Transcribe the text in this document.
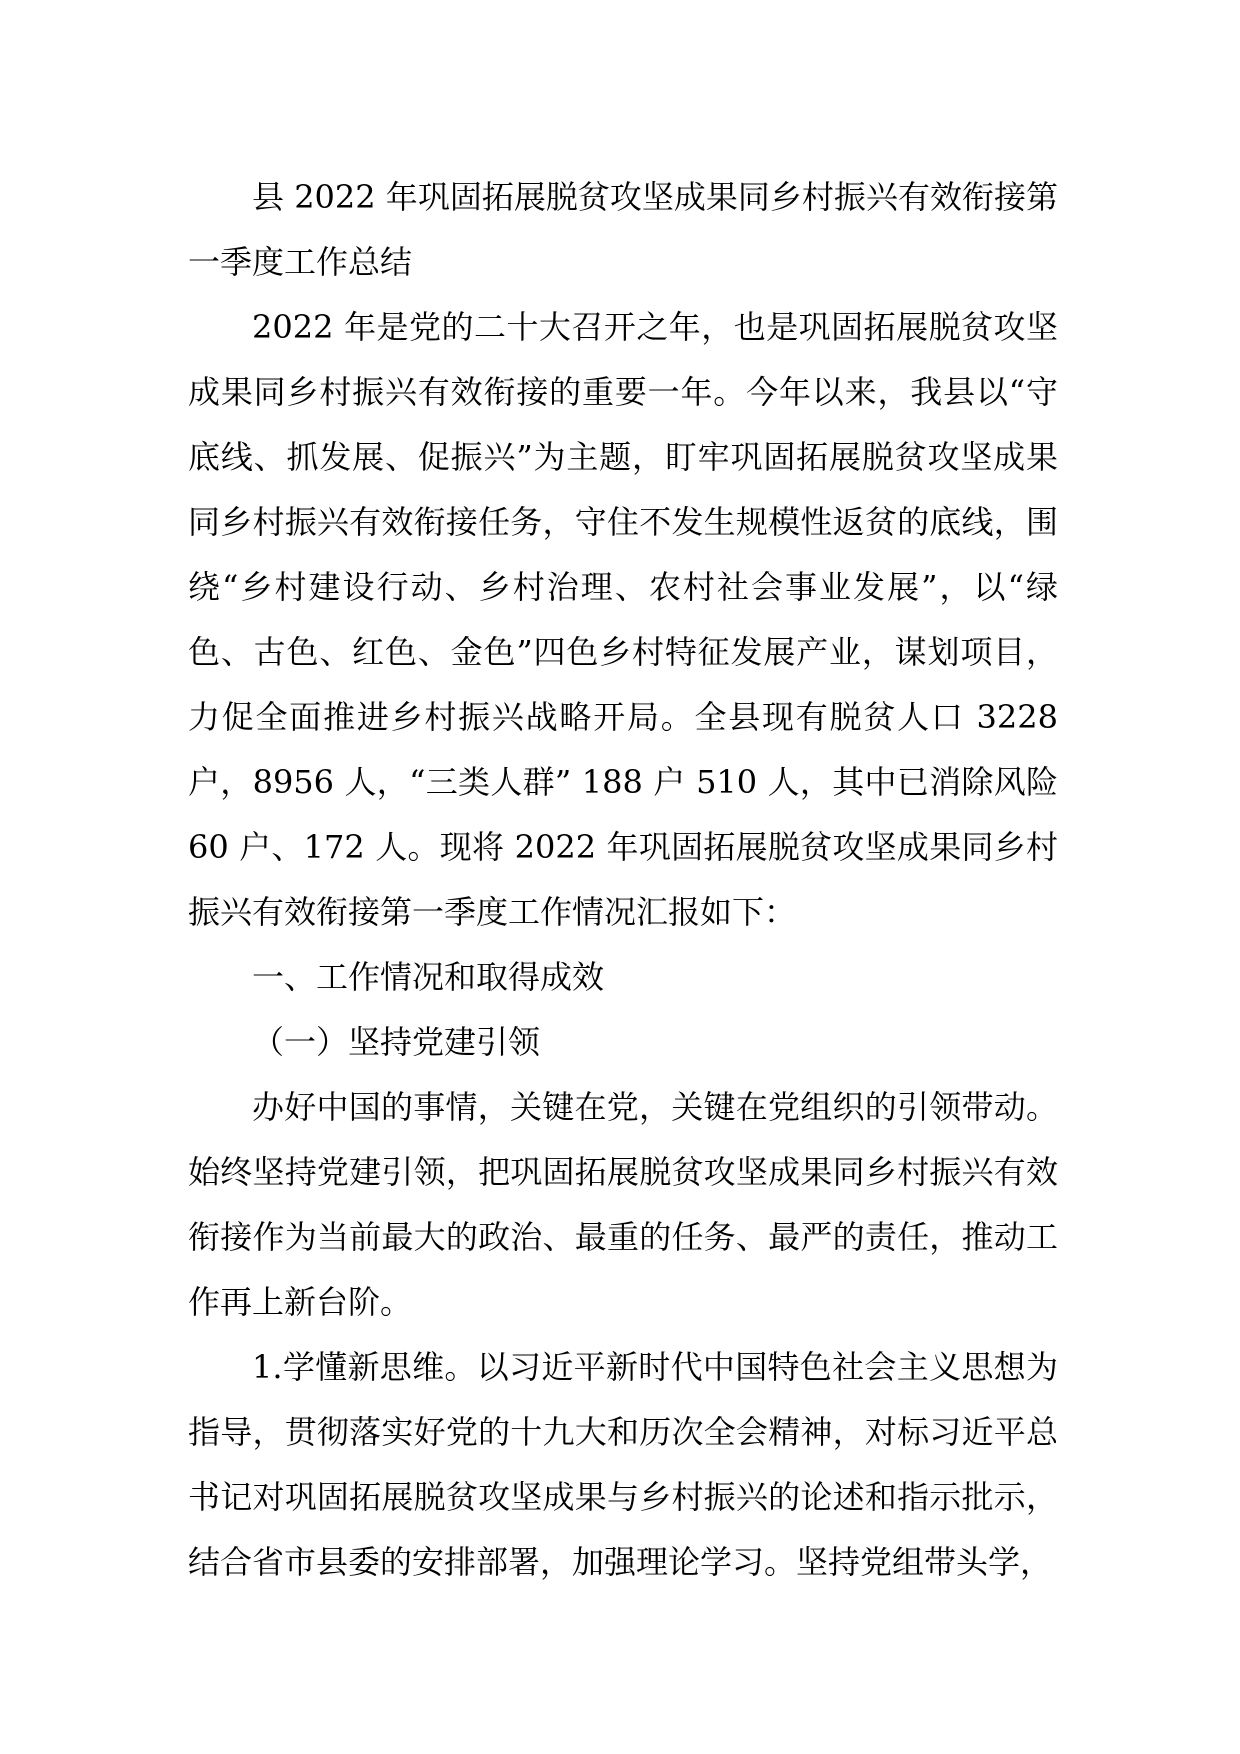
县 2022 年巩固拓展脱贫攻坚成果同乡村振兴有效衔接第一季度工作总结

2022 年是党的二十大召开之年，也是巩固拓展脱贫攻坚成果同乡村振兴有效衔接的重要一年。今年以来，我县以“守底线、抓发展、促振兴”为主题，盯牢巩固拓展脱贫攻坚成果同乡村振兴有效衔接任务，守住不发生规模性返贫的底线，围绕“乡村建设行动、乡村治理、农村社会事业发展”，以“绿色、古色、红色、金色”四色乡村特征发展产业，谋划项目，力促全面推进乡村振兴战略开局。全县现有脱贫人口 3228 户，8956 人，“三类人群” 188 户 510 人，其中已消除风险 60 户、172 人。现将 2022 年巩固拓展脱贫攻坚成果同乡村振兴有效衔接第一季度工作情况汇报如下：

一、工作情况和取得成效

（一）坚持党建引领

办好中国的事情，关键在党，关键在党组织的引领带动。始终坚持党建引领，把巩固拓展脱贫攻坚成果同乡村振兴有效衔接作为当前最大的政治、最重的任务、最严的责任，推动工作再上新台阶。

1.学懂新思维。以习近平新时代中国特色社会主义思想为指导，贯彻落实好党的十九大和历次全会精神，对标习近平总书记对巩固拓展脱贫攻坚成果与乡村振兴的论述和指示批示，结合省市县委的安排部署，加强理论学习。坚持党组带头学，
